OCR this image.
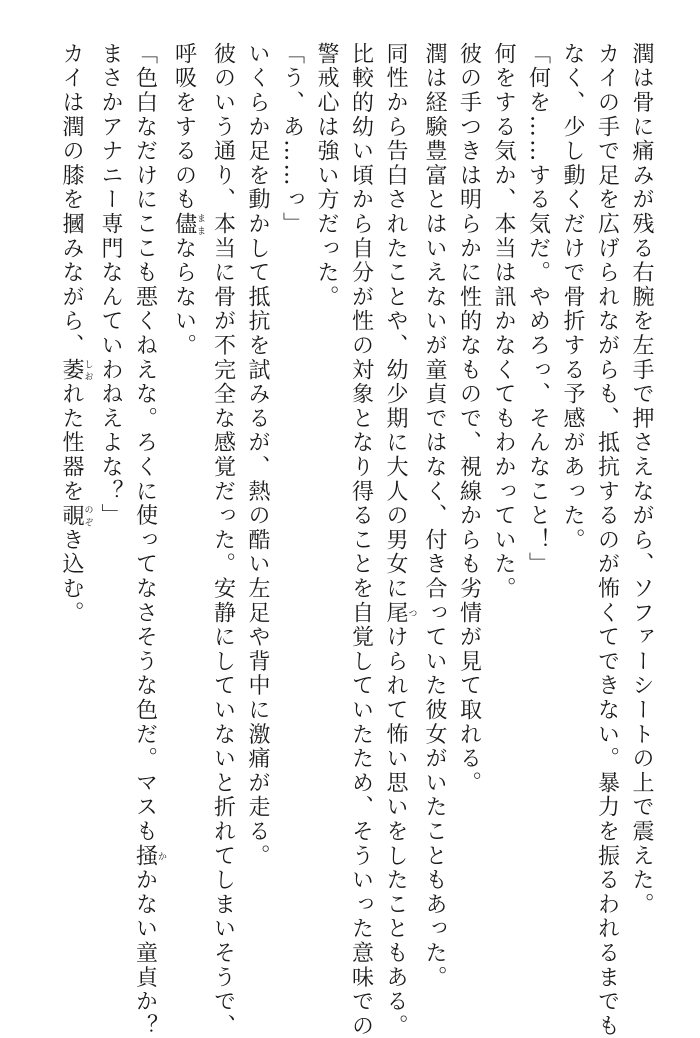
潤は骨に痛みが残る右腕を左手で押さえながら、ソファーシートの上で震えた。
カイの手で足を広げられながらも、抵抗するのが怖くてできない。暴力を振るわれるまでも
なく、少し動くだけで骨折する予感があった。
「何を……する気だ。やめろっ、そんなこと！」
何をする気か、本当は訊かなくてもわかっていた。
彼の手つきは明らかに性的なもので、視線からも劣情が見て取れる。
潤は経験豊富とはいえないが童貞ではなく、付き合っていた彼女がいたこともあった。
同性から告白されたことや、幼少期に大人の男女に尾つけられて怖い思いをしたこともある。
比較的幼い頃から自分が性の対象となり得ることを自覚していたため、そういった意味での
警戒心は強い方だった。
「う、あ……っ」
いくらか足を動かして抵抗を試みるが、熱の酷い左足や背中に激痛が走る。
彼のいう通り、本当に骨が不完全な感覚だった。安静にしていないと折れてしまいそうで、
呼吸をするのも儘ままならない。
「色白なだけにここも悪くねえな。ろくに使ってなさそうな色だ。マスも掻かかない童貞か？
まさかアナニー専門なんていわねえよな？」
カイは潤の膝を摑みながら、萎しおれた性器を覗のぞき込む。
